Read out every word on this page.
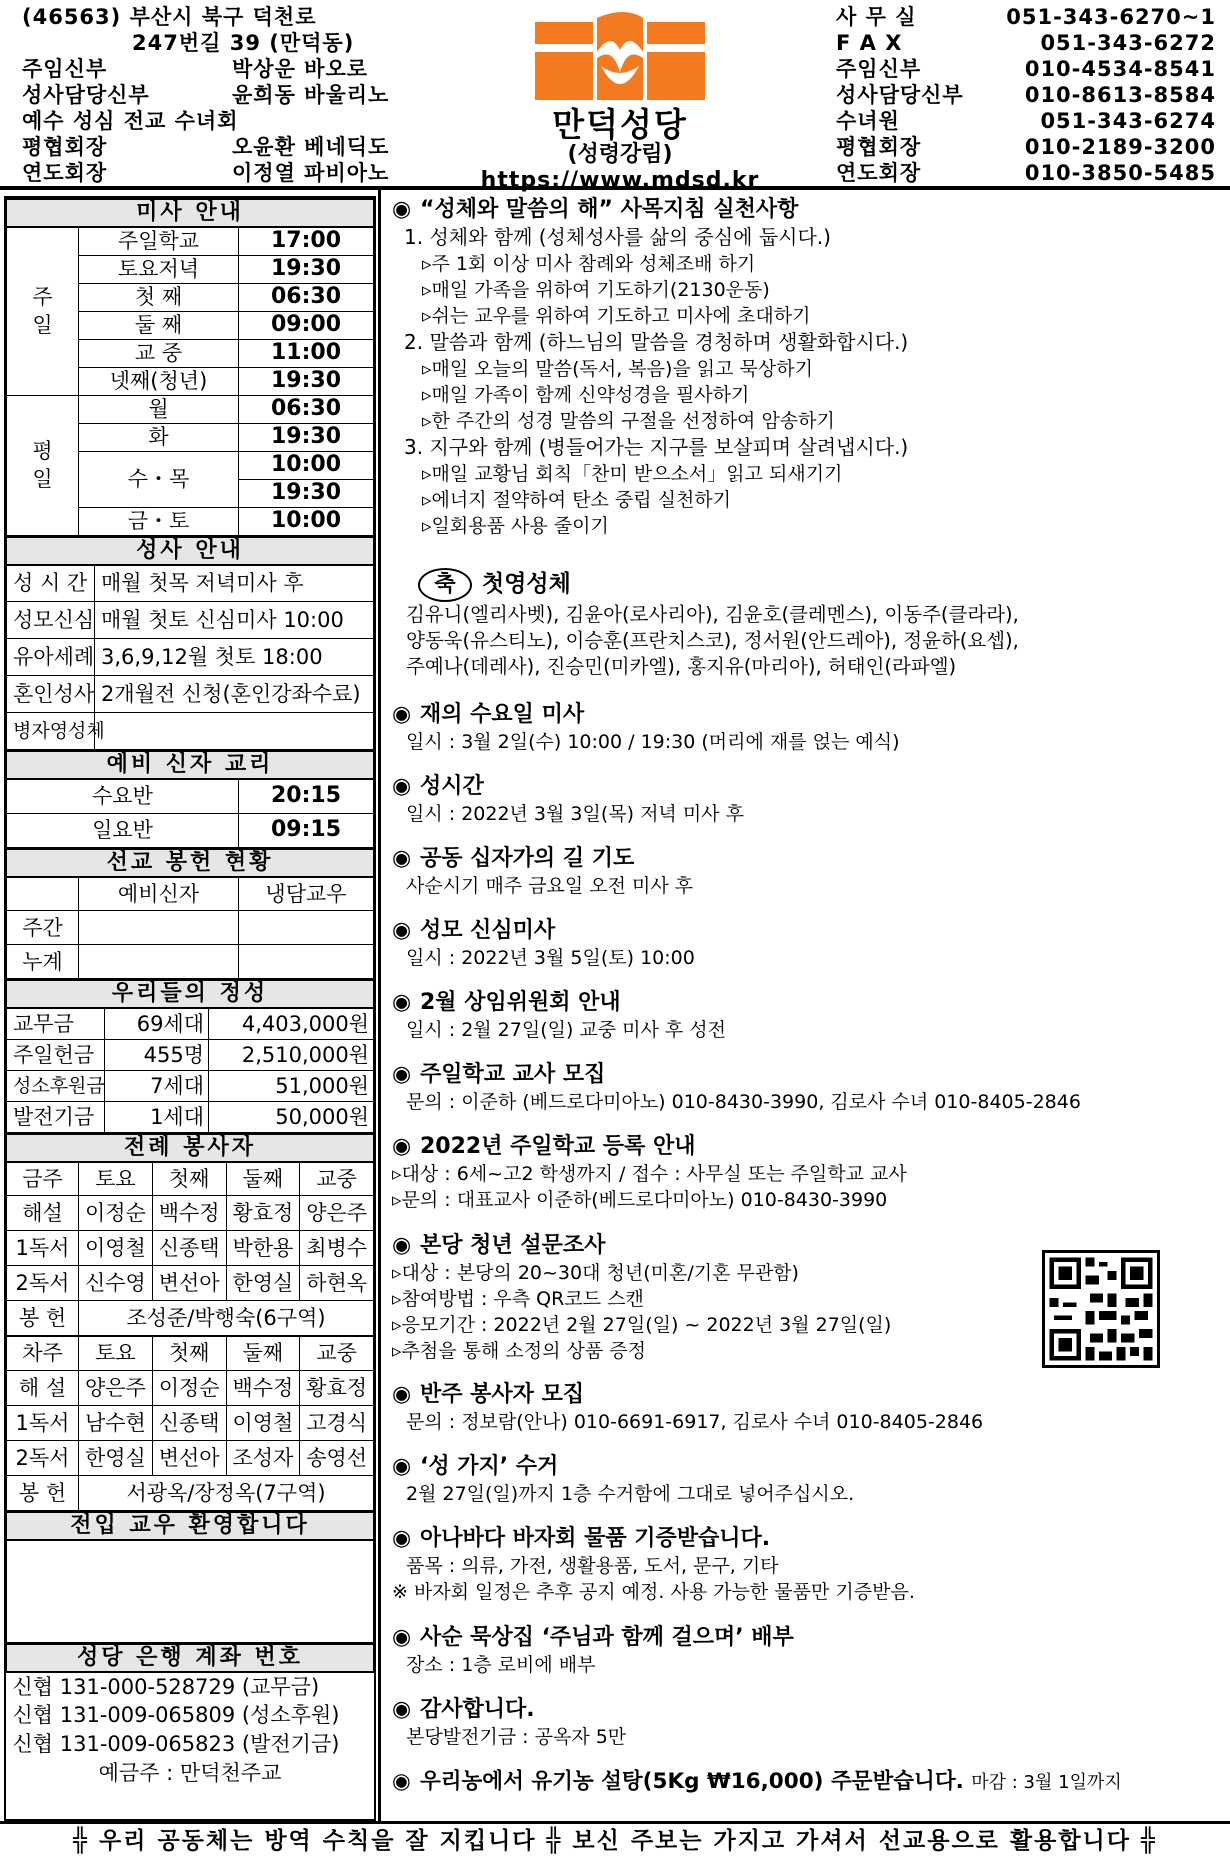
(46563) 부산시 북구 덕천로
247번길 39 (만덕동)
주임신부	박상운 바오로
성사담당신부	윤희동 바울리노
예수 성심 전교 수녀회
평협회장	오윤환 베네딕도
연도회장	이정열 파비아노
만덕성당
(성령강림)
https://www.mdsd.kr
사 무 실	051-343-6270~1
F A X	051-343-6272
주임신부	010-4534-8541
성사담당신부	010-8613-8584
수녀원	051-343-6274
평협회장	010-2189-3200
연도회장	010-3850-5485
미사 안내		
주일	주일학교	17:00
	토요저녁	19:30
	첫 째	06:30
	둘 째	09:00
	교 중	11:00
	넷째(청년)	19:30
평일	월	06:30
	화	19:30
	수・목	10:00
		19:30
	금・토	10:00
성사 안내	
성 시 간	매월 첫목 저녁미사 후
성모신심	매월 첫토 신심미사 10:00
유아세례	3,6,9,12월 첫토 18:00
혼인성사	2개월전 신청(혼인강좌수료)
병자영성체	
예비 신자 교리	
수요반	20:15
일요반	09:15
선교 봉헌 현황		
	예비신자	냉담교우
주간		
누계		
우리들의 정성		
교무금	69세대	4,403,000원
주일헌금	455명	2,510,000원
성소후원금	7세대	51,000원
발전기금	1세대	50,000원
전례 봉사자				
금주	토요	첫째	둘째	교중
해설	이정순	백수정	황효정	양은주
1독서	이영철	신종택	박한용	최병수
2독서	신수영	변선아	한영실	하현옥
봉 헌	조성준/박행숙(6구역)			
차주	토요	첫째	둘째	교중
해 설	양은주	이정순	백수정	황효정
1독서	남수현	신종택	이영철	고경식
2독서	한영실	변선아	조성자	송영선
봉 헌	서광옥/장정옥(7구역)			
전입 교우 환영합니다

성당 은행 계좌 번호
신협 131-000-528729 (교무금)
신협 131-009-065809 (성소후원)
신협 131-009-065823 (발전기금)
예금주 : 만덕천주교
◉ “성체와 말씀의 해” 사목지침 실천사항
1. 성체와 함께 (성체성사를 삶의 중심에 둡시다.)
▹주 1회 이상 미사 참례와 성체조배 하기
▹매일 가족을 위하여 기도하기(2130운동)
▹쉬는 교우를 위하여 기도하고 미사에 초대하기
2. 말씀과 함께 (하느님의 말씀을 경청하며 생활화합시다.)
▹매일 오늘의 말씀(독서, 복음)을 읽고 묵상하기
▹매일 가족이 함께 신약성경을 필사하기
▹한 주간의 성경 말씀의 구절을 선정하여 암송하기
3. 지구와 함께 (병들어가는 지구를 보살피며 살려냅시다.)
▹매일 교황님 회칙「찬미 받으소서」읽고 되새기기
▹에너지 절약하여 탄소 중립 실천하기
▹일회용품 사용 줄이기
축 첫영성체
김유니(엘리사벳), 김윤아(로사리아), 김윤호(클레멘스), 이동주(클라라),
양동욱(유스티노), 이승훈(프란치스코), 정서원(안드레아), 정윤하(요셉),
주예나(데레사), 진승민(미카엘), 홍지유(마리아), 허태인(라파엘)
◉ 재의 수요일 미사
일시 : 3월 2일(수) 10:00 / 19:30 (머리에 재를 얹는 예식)
◉ 성시간
일시 : 2022년 3월 3일(목) 저녁 미사 후
◉ 공동 십자가의 길 기도
사순시기 매주 금요일 오전 미사 후
◉ 성모 신심미사
일시 : 2022년 3월 5일(토) 10:00
◉ 2월 상임위원회 안내
일시 : 2월 27일(일) 교중 미사 후 성전
◉ 주일학교 교사 모집
문의 : 이준하 (베드로다미아노) 010-8430-3990, 김로사 수녀 010-8405-2846
◉ 2022년 주일학교 등록 안내
▹대상 : 6세~고2 학생까지 / 접수 : 사무실 또는 주일학교 교사
▹문의 : 대표교사 이준하(베드로다미아노) 010-8430-3990
◉ 본당 청년 설문조사
▹대상 : 본당의 20~30대 청년(미혼/기혼 무관함)
▹참여방법 : 우측 QR코드 스캔
▹응모기간 : 2022년 2월 27일(일) ~ 2022년 3월 27일(일)
▹추첨을 통해 소정의 상품 증정
◉ 반주 봉사자 모집
문의 : 정보람(안나) 010-6691-6917, 김로사 수녀 010-8405-2846
◉ ‘성 가지’ 수거
2월 27일(일)까지 1층 수거함에 그대로 넣어주십시오.
◉ 아나바다 바자회 물품 기증받습니다.
품목 : 의류, 가전, 생활용품, 도서, 문구, 기타
※ 바자회 일정은 추후 공지 예정. 사용 가능한 물품만 기증받음.
◉ 사순 묵상집 ‘주님과 함께 걸으며’ 배부
장소 : 1층 로비에 배부
◉ 감사합니다.
본당발전기금 : 공옥자 5만
◉ 우리농에서 유기농 설탕(5Kg ₩16,000) 주문받습니다. 마감 : 3월 1일까지
╬ 우리 공동체는 방역 수칙을 잘 지킵니다 ╬ 보신 주보는 가지고 가셔서 선교용으로 활용합니다 ╬
